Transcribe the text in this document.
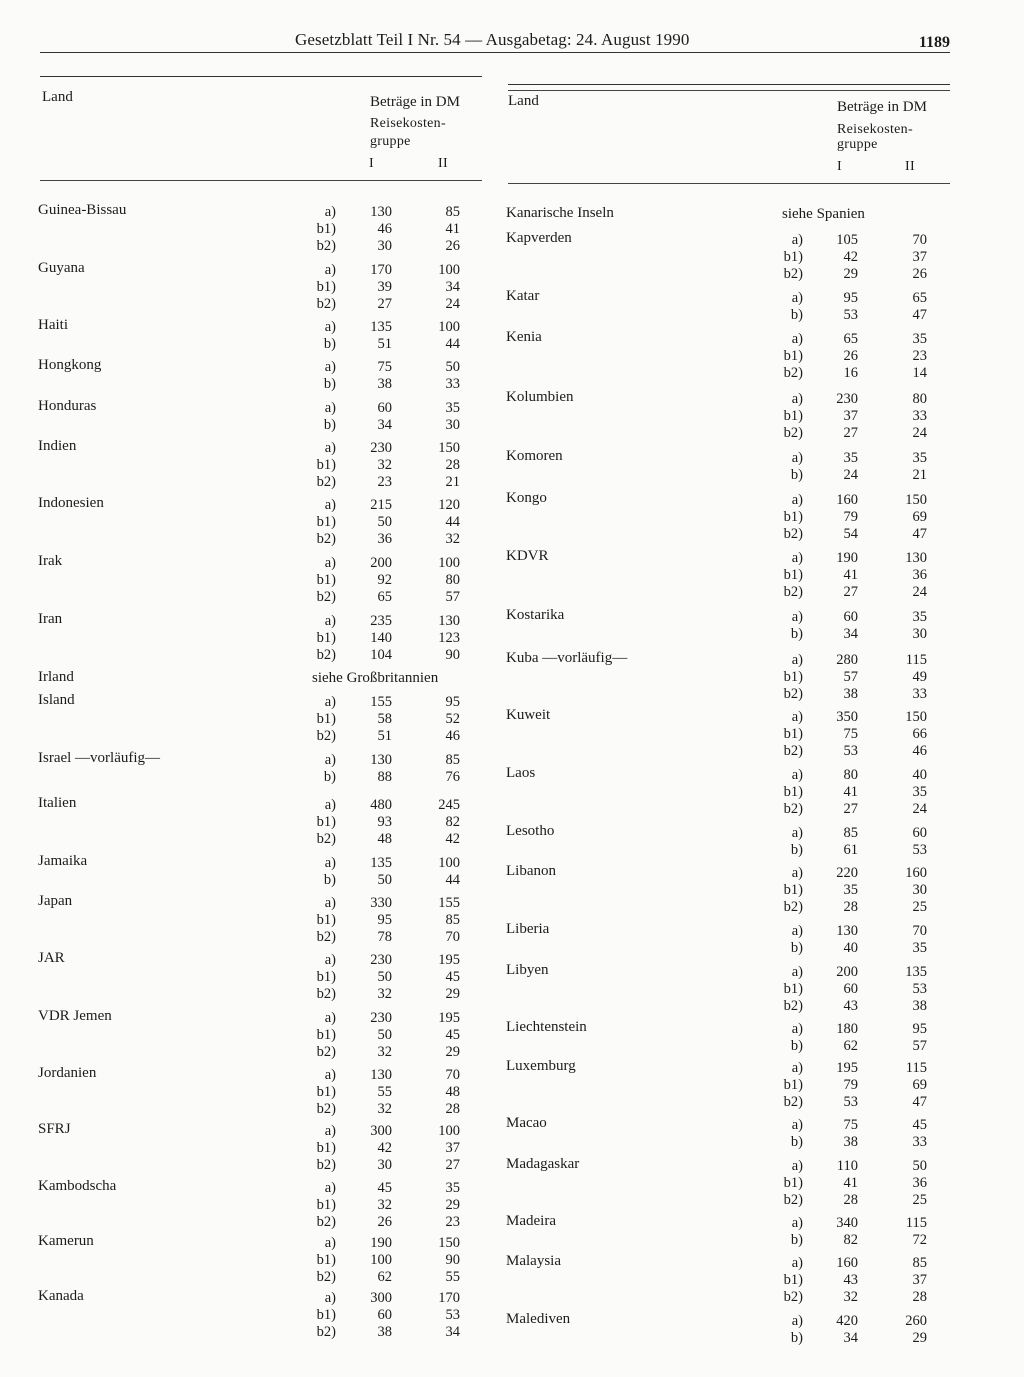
Gesetzblatt Teil I Nr. 54 — Ausgabetag: 24. August 1990	1189
Land	Beträge in DM
Reisekosten-
gruppe
I	II
Guinea-Bissau	a)	130	85
b1)	46	41
b2)	30	26
Guyana	a)	170	100
b1)	39	34
b2)	27	24
Haiti	a)	135	100
b)	51	44
Hongkong	a)	75	50
b)	38	33
Honduras	a)	60	35
b)	34	30
Indien	a)	230	150
b1)	32	28
b2)	23	21
Indonesien	a)	215	120
b1)	50	44
b2)	36	32
Irak	a)	200	100
b1)	92	80
b2)	65	57
Iran	a)	235	130
b1)	140	123
b2)	104	90
Irland	siehe Großbritannien
Island	a)	155	95
b1)	58	52
b2)	51	46
Israel —vorläufig—	a)	130	85
b)	88	76
Italien	a)	480	245
b1)	93	82
b2)	48	42
Jamaika	a)	135	100
b)	50	44
Japan	a)	330	155
b1)	95	85
b2)	78	70
JAR	a)	230	195
b1)	50	45
b2)	32	29
VDR Jemen	a)	230	195
b1)	50	45
b2)	32	29
Jordanien	a)	130	70
b1)	55	48
b2)	32	28
SFRJ	a)	300	100
b1)	42	37
b2)	30	27
Kambodscha	a)	45	35
b1)	32	29
b2)	26	23
Kamerun	a)	190	150
b1)	100	90
b2)	62	55
Kanada	a)	300	170
b1)	60	53
b2)	38	34
Land	Beträge in DM
Reisekosten-
gruppe
I	II
Kanarische Inseln	siehe Spanien
Kapverden	a)	105	70
b1)	42	37
b2)	29	26
Katar	a)	95	65
b)	53	47
Kenia	a)	65	35
b1)	26	23
b2)	16	14
Kolumbien	a)	230	80
b1)	37	33
b2)	27	24
Komoren	a)	35	35
b)	24	21
Kongo	a)	160	150
b1)	79	69
b2)	54	47
KDVR	a)	190	130
b1)	41	36
b2)	27	24
Kostarika	a)	60	35
b)	34	30
Kuba —vorläufig—	a)	280	115
b1)	57	49
b2)	38	33
Kuweit	a)	350	150
b1)	75	66
b2)	53	46
Laos	a)	80	40
b1)	41	35
b2)	27	24
Lesotho	a)	85	60
b)	61	53
Libanon	a)	220	160
b1)	35	30
b2)	28	25
Liberia	a)	130	70
b)	40	35
Libyen	a)	200	135
b1)	60	53
b2)	43	38
Liechtenstein	a)	180	95
b)	62	57
Luxemburg	a)	195	115
b1)	79	69
b2)	53	47
Macao	a)	75	45
b)	38	33
Madagaskar	a)	110	50
b1)	41	36
b2)	28	25
Madeira	a)	340	115
b)	82	72
Malaysia	a)	160	85
b1)	43	37
b2)	32	28
Malediven	a)	420	260
b)	34	29
